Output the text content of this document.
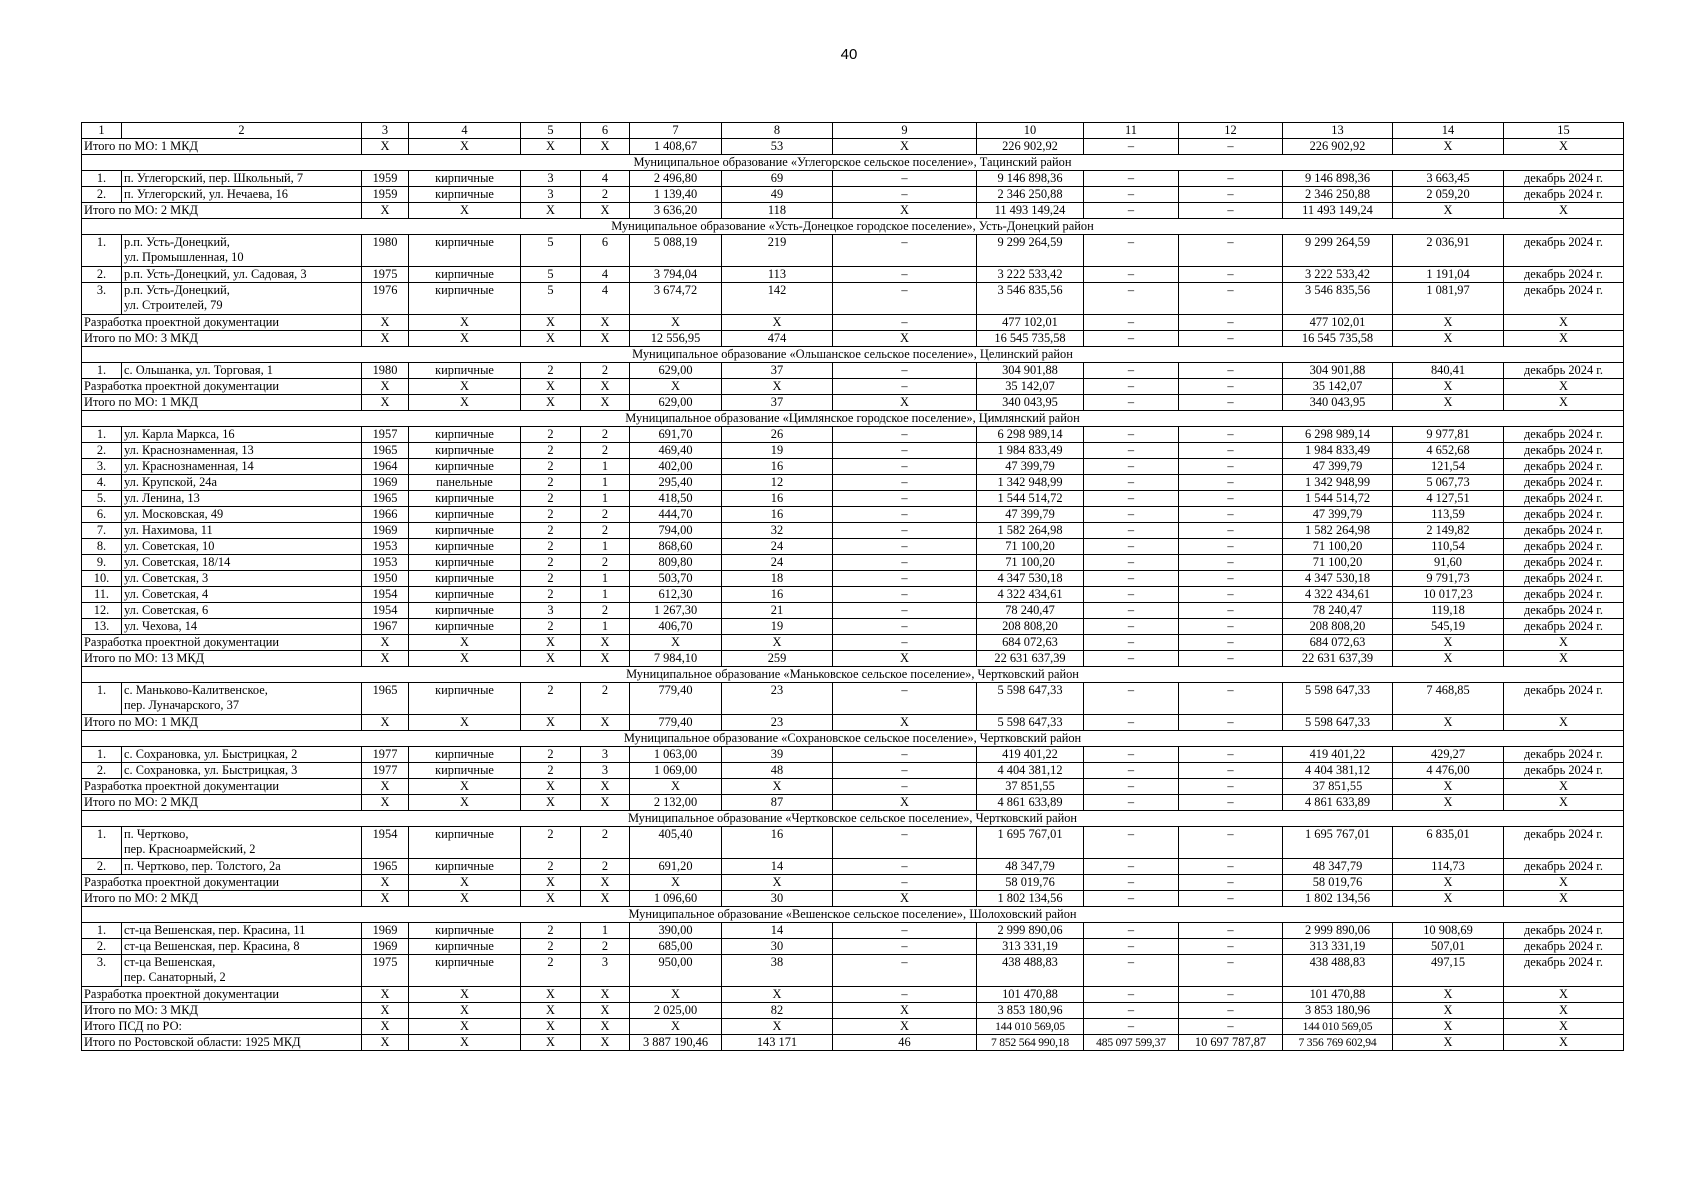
40
1	2	3	4	5	6	7	8	9	10	11	12	13	14	15
Итого по МО: 1 МКД		X	X	X	X	1 408,67	53	X	226 902,92	–	–	226 902,92	X	X
Муниципальное образование «Углегорское сельское поселение», Тацинский район														
1.	п. Углегорский, пер. Школьный, 7	1959	кирпичные	3	4	2 496,80	69	–	9 146 898,36	–	–	9 146 898,36	3 663,45	декабрь 2024 г.
2.	п. Углегорский, ул. Нечаева, 16	1959	кирпичные	3	2	1 139,40	49	–	2 346 250,88	–	–	2 346 250,88	2 059,20	декабрь 2024 г.
Итого по МО: 2 МКД		X	X	X	X	3 636,20	118	X	11 493 149,24	–	–	11 493 149,24	X	X
Муниципальное образование «Усть-Донецкое городское поселение», Усть-Донецкий район														
1.	р.п. Усть-Донецкий,
ул. Промышленная, 10	1980	кирпичные	5	6	5 088,19	219	–	9 299 264,59	–	–	9 299 264,59	2 036,91	декабрь 2024 г.
2.	р.п. Усть-Донецкий, ул. Садовая, 3	1975	кирпичные	5	4	3 794,04	113	–	3 222 533,42	–	–	3 222 533,42	1 191,04	декабрь 2024 г.
3.	р.п. Усть-Донецкий,
ул. Строителей, 79	1976	кирпичные	5	4	3 674,72	142	–	3 546 835,56	–	–	3 546 835,56	1 081,97	декабрь 2024 г.
Разработка проектной документации		X	X	X	X	X	X	–	477 102,01	–	–	477 102,01	X	X
Итого по МО: 3 МКД		X	X	X	X	12 556,95	474	X	16 545 735,58	–	–	16 545 735,58	X	X
Муниципальное образование «Ольшанское сельское поселение», Целинский район														
1.	с. Ольшанка, ул. Торговая, 1	1980	кирпичные	2	2	629,00	37	–	304 901,88	–	–	304 901,88	840,41	декабрь 2024 г.
Разработка проектной документации		X	X	X	X	X	X	–	35 142,07	–	–	35 142,07	X	X
Итого по МО: 1 МКД		X	X	X	X	629,00	37	X	340 043,95	–	–	340 043,95	X	X
Муниципальное образование «Цимлянское городское поселение», Цимлянский район														
1.	ул. Карла Маркса, 16	1957	кирпичные	2	2	691,70	26	–	6 298 989,14	–	–	6 298 989,14	9 977,81	декабрь 2024 г.
2.	ул. Краснознаменная, 13	1965	кирпичные	2	2	469,40	19	–	1 984 833,49	–	–	1 984 833,49	4 652,68	декабрь 2024 г.
3.	ул. Краснознаменная, 14	1964	кирпичные	2	1	402,00	16	–	47 399,79	–	–	47 399,79	121,54	декабрь 2024 г.
4.	ул. Крупской, 24а	1969	панельные	2	1	295,40	12	–	1 342 948,99	–	–	1 342 948,99	5 067,73	декабрь 2024 г.
5.	ул. Ленина, 13	1965	кирпичные	2	1	418,50	16	–	1 544 514,72	–	–	1 544 514,72	4 127,51	декабрь 2024 г.
6.	ул. Московская, 49	1966	кирпичные	2	2	444,70	16	–	47 399,79	–	–	47 399,79	113,59	декабрь 2024 г.
7.	ул. Нахимова, 11	1969	кирпичные	2	2	794,00	32	–	1 582 264,98	–	–	1 582 264,98	2 149,82	декабрь 2024 г.
8.	ул. Советская, 10	1953	кирпичные	2	1	868,60	24	–	71 100,20	–	–	71 100,20	110,54	декабрь 2024 г.
9.	ул. Советская, 18/14	1953	кирпичные	2	2	809,80	24	–	71 100,20	–	–	71 100,20	91,60	декабрь 2024 г.
10.	ул. Советская, 3	1950	кирпичные	2	1	503,70	18	–	4 347 530,18	–	–	4 347 530,18	9 791,73	декабрь 2024 г.
11.	ул. Советская, 4	1954	кирпичные	2	1	612,30	16	–	4 322 434,61	–	–	4 322 434,61	10 017,23	декабрь 2024 г.
12.	ул. Советская, 6	1954	кирпичные	3	2	1 267,30	21	–	78 240,47	–	–	78 240,47	119,18	декабрь 2024 г.
13.	ул. Чехова, 14	1967	кирпичные	2	1	406,70	19	–	208 808,20	–	–	208 808,20	545,19	декабрь 2024 г.
Разработка проектной документации		X	X	X	X	X	X	–	684 072,63	–	–	684 072,63	X	X
Итого по МО: 13 МКД		X	X	X	X	7 984,10	259	X	22 631 637,39	–	–	22 631 637,39	X	X
Муниципальное образование «Маньковское сельское поселение», Чертковский район														
1.	с. Маньково-Калитвенское,
пер. Луначарского, 37	1965	кирпичные	2	2	779,40	23	–	5 598 647,33	–	–	5 598 647,33	7 468,85	декабрь 2024 г.
Итого по МО: 1 МКД		X	X	X	X	779,40	23	X	5 598 647,33	–	–	5 598 647,33	X	X
Муниципальное образование «Сохрановское сельское поселение», Чертковский район														
1.	с. Сохрановка, ул. Быстрицкая, 2	1977	кирпичные	2	3	1 063,00	39	–	419 401,22	–	–	419 401,22	429,27	декабрь 2024 г.
2.	с. Сохрановка, ул. Быстрицкая, 3	1977	кирпичные	2	3	1 069,00	48	–	4 404 381,12	–	–	4 404 381,12	4 476,00	декабрь 2024 г.
Разработка проектной документации		X	X	X	X	X	X	–	37 851,55	–	–	37 851,55	X	X
Итого по МО: 2 МКД		X	X	X	X	2 132,00	87	X	4 861 633,89	–	–	4 861 633,89	X	X
Муниципальное образование «Чертковское сельское поселение», Чертковский район														
1.	п. Чертково,
пер. Красноармейский, 2	1954	кирпичные	2	2	405,40	16	–	1 695 767,01	–	–	1 695 767,01	6 835,01	декабрь 2024 г.
2.	п. Чертково, пер. Толстого, 2а	1965	кирпичные	2	2	691,20	14	–	48 347,79	–	–	48 347,79	114,73	декабрь 2024 г.
Разработка проектной документации		X	X	X	X	X	X	–	58 019,76	–	–	58 019,76	X	X
Итого по МО: 2 МКД		X	X	X	X	1 096,60	30	X	1 802 134,56	–	–	1 802 134,56	X	X
Муниципальное образование «Вешенское сельское поселение», Шолоховский район														
1.	ст-ца Вешенская, пер. Красина, 11	1969	кирпичные	2	1	390,00	14	–	2 999 890,06	–	–	2 999 890,06	10 908,69	декабрь 2024 г.
2.	ст-ца Вешенская, пер. Красина, 8	1969	кирпичные	2	2	685,00	30	–	313 331,19	–	–	313 331,19	507,01	декабрь 2024 г.
3.	ст-ца Вешенская,
пер. Санаторный, 2	1975	кирпичные	2	3	950,00	38	–	438 488,83	–	–	438 488,83	497,15	декабрь 2024 г.
Разработка проектной документации		X	X	X	X	X	X	–	101 470,88	–	–	101 470,88	X	X
Итого по МО: 3 МКД		X	X	X	X	2 025,00	82	X	3 853 180,96	–	–	3 853 180,96	X	X
Итого ПСД по РО:		X	X	X	X	X	X	X	144 010 569,05	–	–	144 010 569,05	X	X
Итого по Ростовской области: 1925 МКД		X	X	X	X	3 887 190,46	143 171	46	7 852 564 990,18	485 097 599,37	10 697 787,87	7 356 769 602,94	X	X
